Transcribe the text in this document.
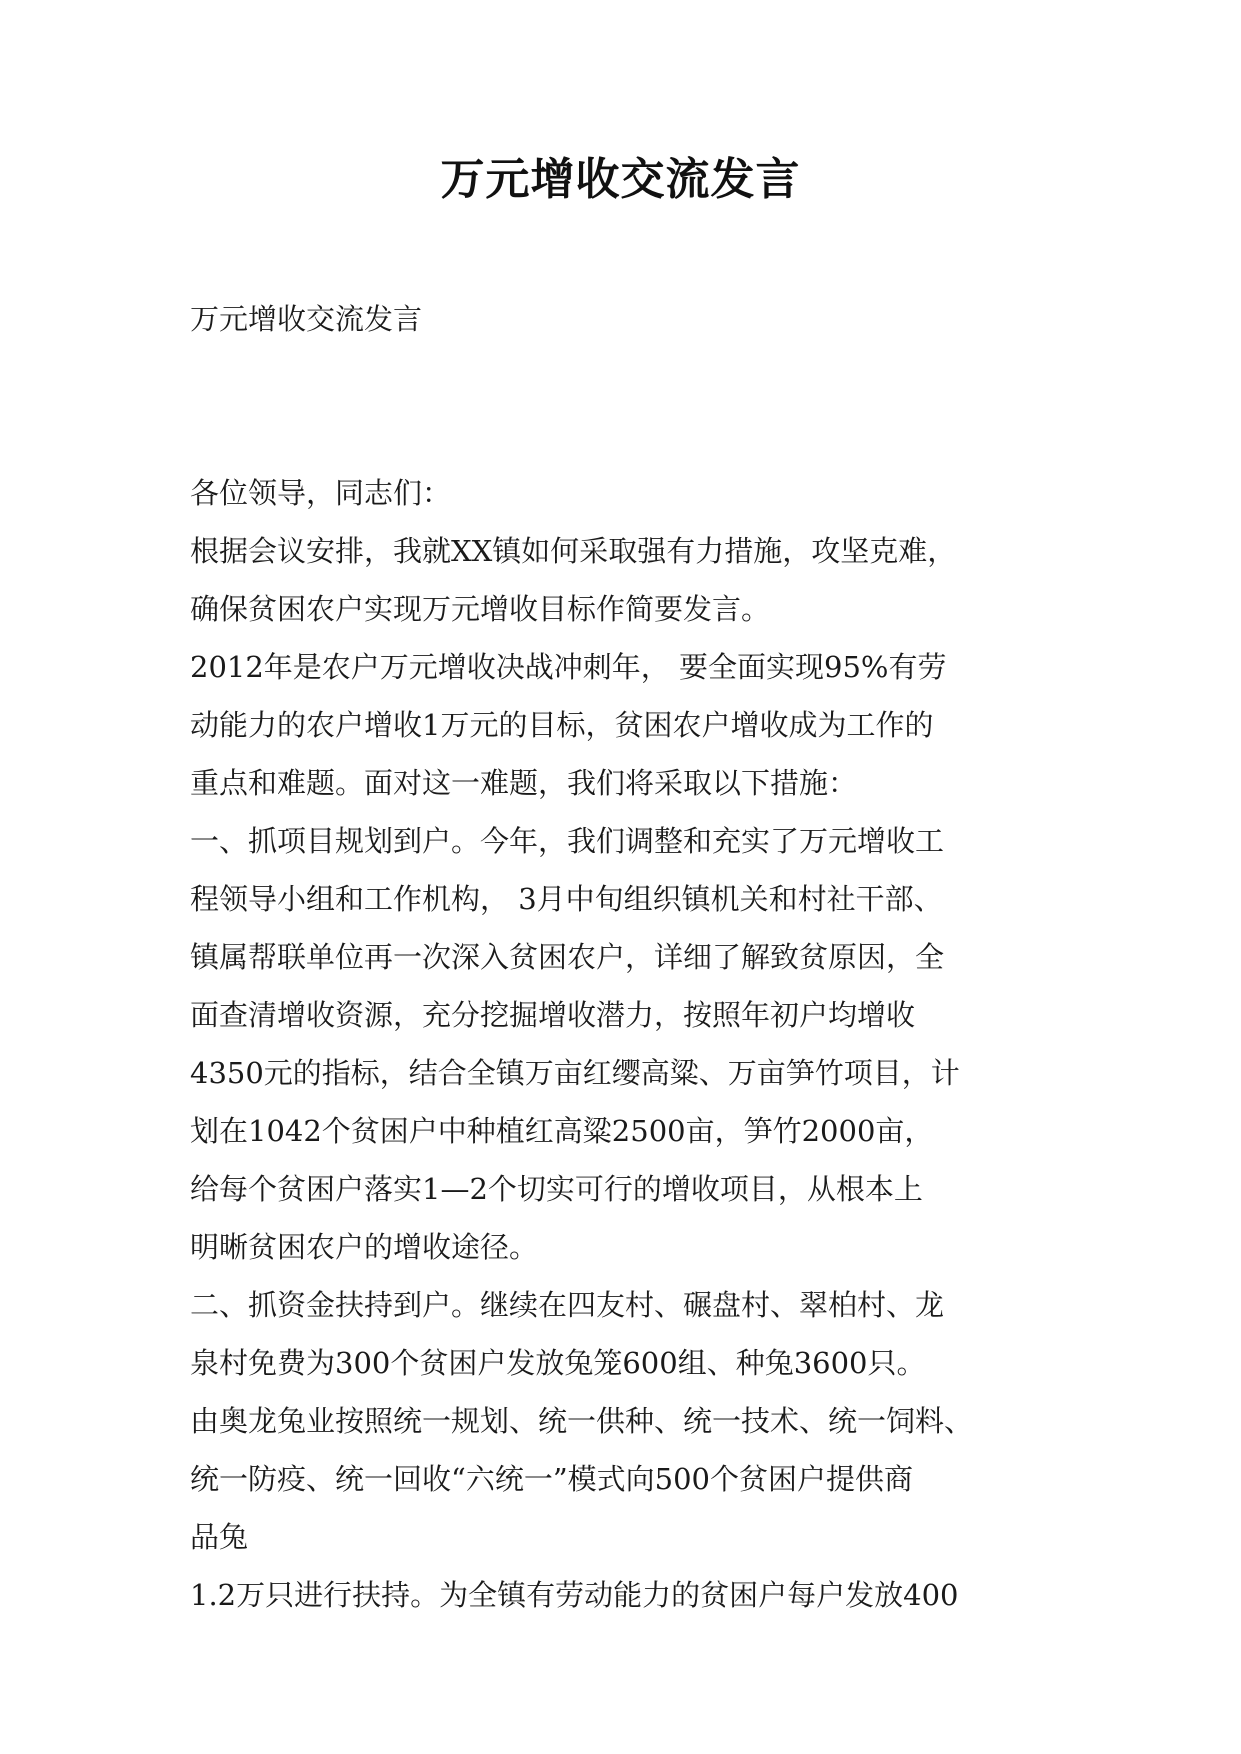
万元增收交流发言
万元增收交流发言
各位领导，同志们：
根据会议安排，我就XX镇如何采取强有力措施，攻坚克难，
确保贫困农户实现万元增收目标作简要发言。
2012年是农户万元增收决战冲刺年， 要全面实现95%有劳
动能力的农户增收1万元的目标，贫困农户增收成为工作的
重点和难题。面对这一难题，我们将采取以下措施：
一、抓项目规划到户。今年，我们调整和充实了万元增收工
程领导小组和工作机构， 3月中旬组织镇机关和村社干部、
镇属帮联单位再一次深入贫困农户，详细了解致贫原因，全
面查清增收资源，充分挖掘增收潜力，按照年初户均增收
4350元的指标，结合全镇万亩红缨高粱、万亩笋竹项目，计
划在1042个贫困户中种植红高粱2500亩，笋竹2000亩，
给每个贫困户落实1—2个切实可行的增收项目，从根本上
明晰贫困农户的增收途径。
二、抓资金扶持到户。继续在四友村、碾盘村、翠柏村、龙
泉村免费为300个贫困户发放兔笼600组、种兔3600只。
由奥龙兔业按照统一规划、统一供种、统一技术、统一饲料、
统一防疫、统一回收“六统一”模式向500个贫困户提供商
品兔
1.2万只进行扶持。为全镇有劳动能力的贫困户每户发放400
